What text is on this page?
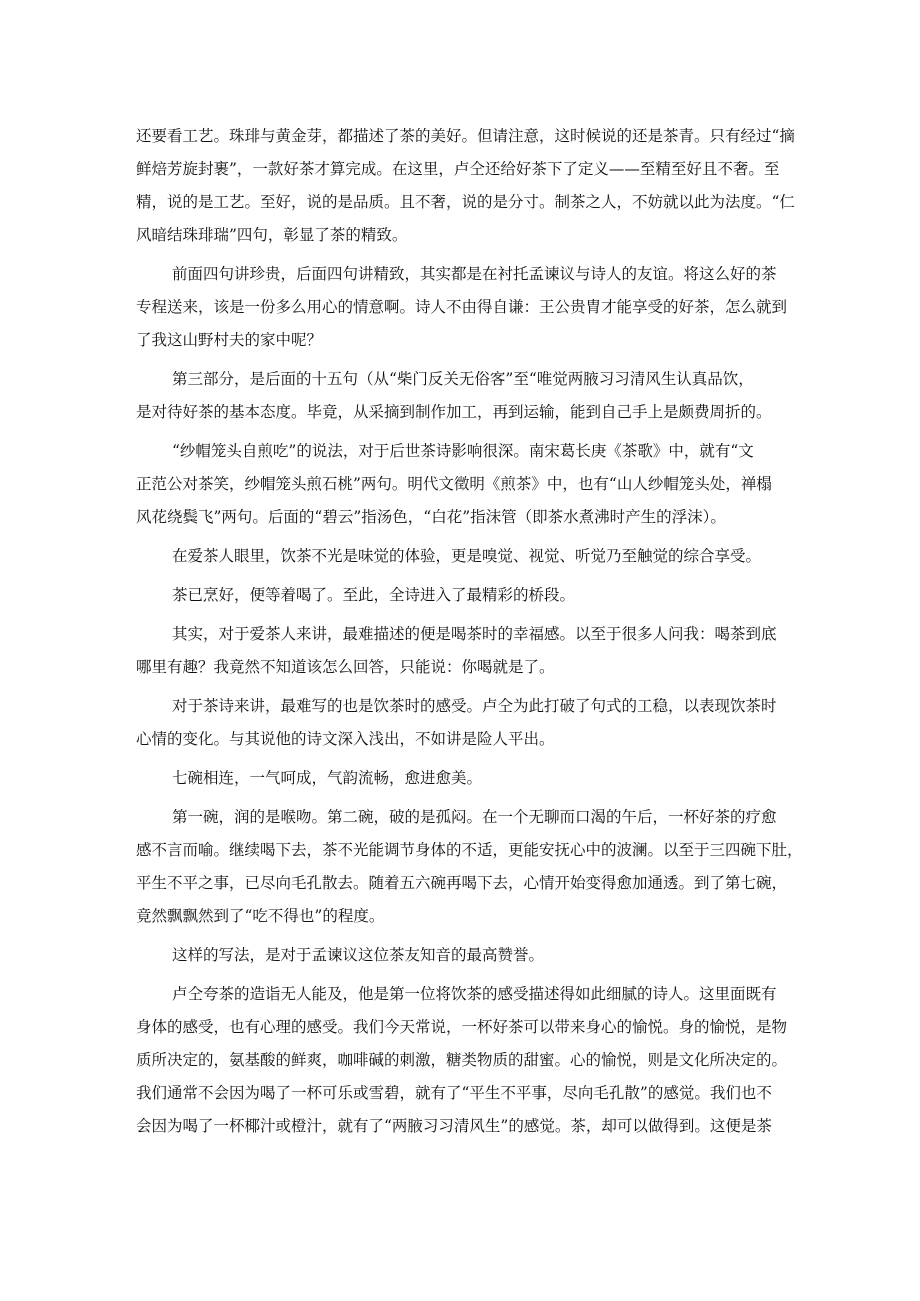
还要看工艺。珠琲与黄金芽，都描述了茶的美好。但请注意，这时候说的还是茶青。只有经过“摘
鲜焙芳旋封裹”，一款好茶才算完成。在这里，卢仝还给好茶下了定义——至精至好且不奢。至
精，说的是工艺。至好，说的是品质。且不奢，说的是分寸。制茶之人，不妨就以此为法度。“仁
风暗结珠琲瑞”四句，彰显了茶的精致。
前面四句讲珍贵，后面四句讲精致，其实都是在衬托孟谏议与诗人的友谊。将这么好的茶
专程送来，该是一份多么用心的情意啊。诗人不由得自谦：王公贵胄才能享受的好茶，怎么就到
了我这山野村夫的家中呢？
第三部分，是后面的十五句（从“柴门反关无俗客”至“唯觉两腋习习清风生认真品饮，
是对待好茶的基本态度。毕竟，从采摘到制作加工，再到运输，能到自己手上是颇费周折的。
“纱帽笼头自煎吃”的说法，对于后世茶诗影响很深。南宋葛长庚《茶歌》中，就有“文
正范公对茶笑，纱帽笼头煎石桃”两句。明代文徵明《煎茶》中，也有“山人纱帽笼头处，禅榻
风花绕鬓飞”两句。后面的“碧云”指汤色，“白花”指沫管（即茶水煮沸时产生的浮沫）。
在爱茶人眼里，饮茶不光是味觉的体验，更是嗅觉、视觉、听觉乃至触觉的综合享受。
茶已烹好，便等着喝了。至此，全诗进入了最精彩的桥段。
其实，对于爱茶人来讲，最难描述的便是喝茶时的幸福感。以至于很多人问我：喝茶到底
哪里有趣？我竟然不知道该怎么回答，只能说：你喝就是了。
对于茶诗来讲，最难写的也是饮茶时的感受。卢仝为此打破了句式的工稳，以表现饮茶时
心情的变化。与其说他的诗文深入浅出，不如讲是险人平出。
七碗相连，一气呵成，气韵流畅，愈进愈美。
第一碗，润的是喉吻。第二碗，破的是孤闷。在一个无聊而口渴的午后，一杯好茶的疗愈
感不言而喻。继续喝下去，茶不光能调节身体的不适，更能安抚心中的波澜。以至于三四碗下肚，
平生不平之事，已尽向毛孔散去。随着五六碗再喝下去，心情开始变得愈加通透。到了第七碗，
竟然飘飘然到了“吃不得也”的程度。
这样的写法，是对于孟谏议这位茶友知音的最高赞誉。
卢仝夸茶的造诣无人能及，他是第一位将饮茶的感受描述得如此细腻的诗人。这里面既有
身体的感受，也有心理的感受。我们今天常说，一杯好茶可以带来身心的愉悦。身的愉悦，是物
质所决定的，氨基酸的鲜爽，咖啡碱的刺激，糖类物质的甜蜜。心的愉悦，则是文化所决定的。
我们通常不会因为喝了一杯可乐或雪碧，就有了“平生不平事，尽向毛孔散”的感觉。我们也不
会因为喝了一杯椰汁或橙汁，就有了“两腋习习清风生”的感觉。茶，却可以做得到。这便是茶
